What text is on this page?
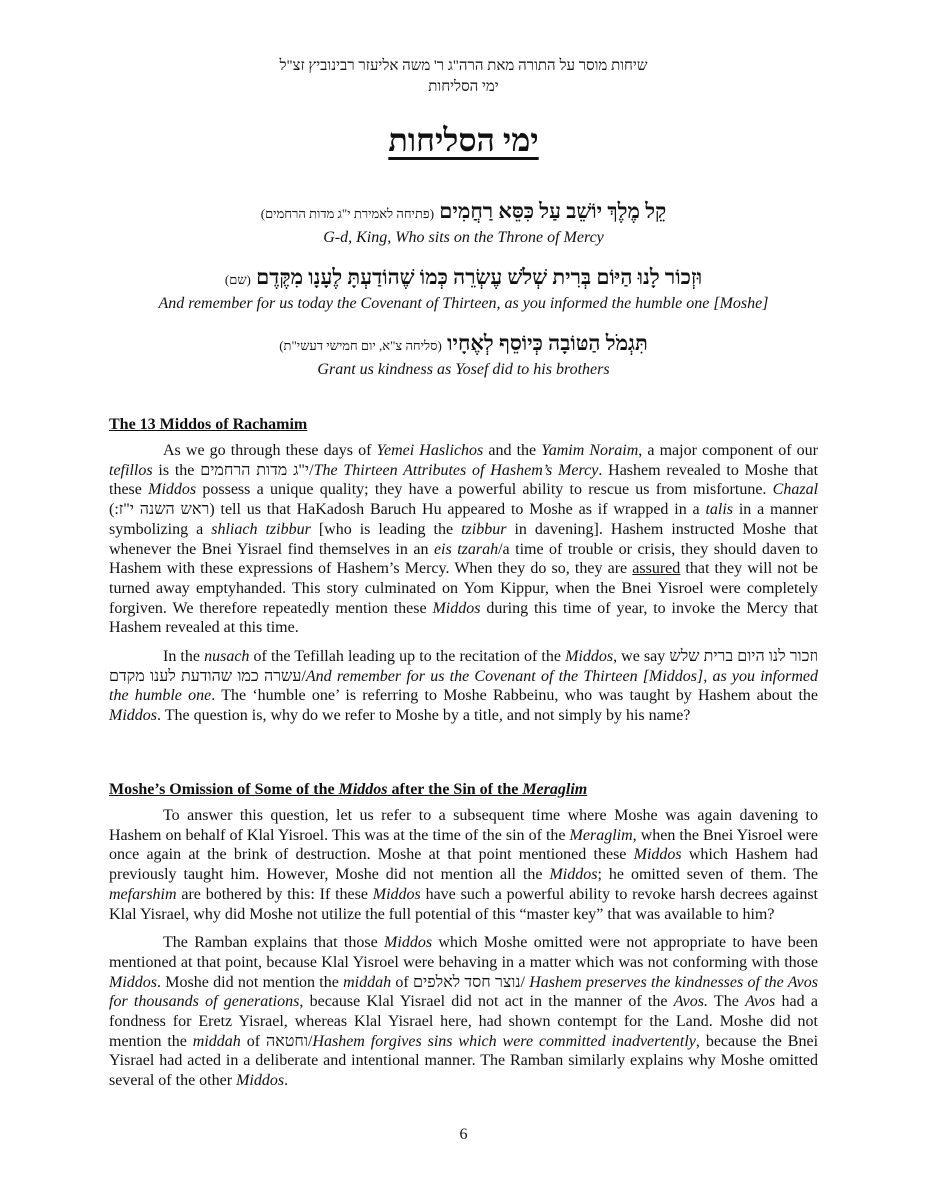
שיחות מוסר על התורה מאת הרה"ג ר' משה אליעזר רבינוביץ זצ"ל
ימי הסליחות
ימי הסליחות
קֵל מֶלֶךְ יוֹשֵׁב עַל כִּסֵּא רַחֲמִים (פתיחה לאמירת י"ג מדות הרחמים)
G-d, King, Who sits on the Throne of Mercy
וּזְכוֹר לָנוּ הַיּוֹם בְּרִית שְׁלֹשׁ עֶשְׂרֵה כְּמוֹ שֶׁהוֹדַעְתָּ לֶעָנָו מִקֶּדֶם (שם)
And remember for us today the Covenant of Thirteen, as you informed the humble one [Moshe]
תִּגְמֹל הַטּוֹבָה כְּיוֹסֵף לְאֶחָיו (סליחה צ"א, יום חמישי דעשי"ת)
Grant us kindness as Yosef did to his brothers
The 13 Middos of Rachamim

As we go through these days of Yemei Haslichos and the Yamim Noraim, a major component of our tefillos is the י"ג מדות הרחמים/The Thirteen Attributes of Hashem’s Mercy. Hashem revealed to Moshe that these Middos possess a unique quality; they have a powerful ability to rescue us from misfortune. Chazal (ראש השנה י"ז:) tell us that HaKadosh Baruch Hu appeared to Moshe as if wrapped in a talis in a manner symbolizing a shliach tzibbur [who is leading the tzibbur in davening]. Hashem instructed Moshe that whenever the Bnei Yisrael find themselves in an eis tzarah/a time of trouble or crisis, they should daven to Hashem with these expressions of Hashem’s Mercy. When they do so, they are assured that they will not be turned away emptyhanded. This story culminated on Yom Kippur, when the Bnei Yisroel were completely forgiven. We therefore repeatedly mention these Middos during this time of year, to invoke the Mercy that Hashem revealed at this time.

In the nusach of the Tefillah leading up to the recitation of the Middos, we say וזכור לנו היום ברית שלש עשרה כמו שהודעת לענו מקדם/And remember for us the Covenant of the Thirteen [Middos], as you informed the humble one. The ‘humble one’ is referring to Moshe Rabbeinu, who was taught by Hashem about the Middos. The question is, why do we refer to Moshe by a title, and not simply by his name?

Moshe’s Omission of Some of the Middos after the Sin of the Meraglim

To answer this question, let us refer to a subsequent time where Moshe was again davening to Hashem on behalf of Klal Yisroel. This was at the time of the sin of the Meraglim, when the Bnei Yisroel were once again at the brink of destruction. Moshe at that point mentioned these Middos which Hashem had previously taught him. However, Moshe did not mention all the Middos; he omitted seven of them. The mefarshim are bothered by this: If these Middos have such a powerful ability to revoke harsh decrees against Klal Yisrael, why did Moshe not utilize the full potential of this “master key” that was available to him?

The Ramban explains that those Middos which Moshe omitted were not appropriate to have been mentioned at that point, because Klal Yisroel were behaving in a matter which was not conforming with those Middos. Moshe did not mention the middah of נוצר חסד לאלפים/ Hashem preserves the kindnesses of the Avos for thousands of generations, because Klal Yisrael did not act in the manner of the Avos. The Avos had a fondness for Eretz Yisrael, whereas Klal Yisrael here, had shown contempt for the Land. Moshe did not mention the middah of וחטאה/Hashem forgives sins which were committed inadvertently, because the Bnei Yisrael had acted in a deliberate and intentional manner. The Ramban similarly explains why Moshe omitted several of the other Middos.

6
